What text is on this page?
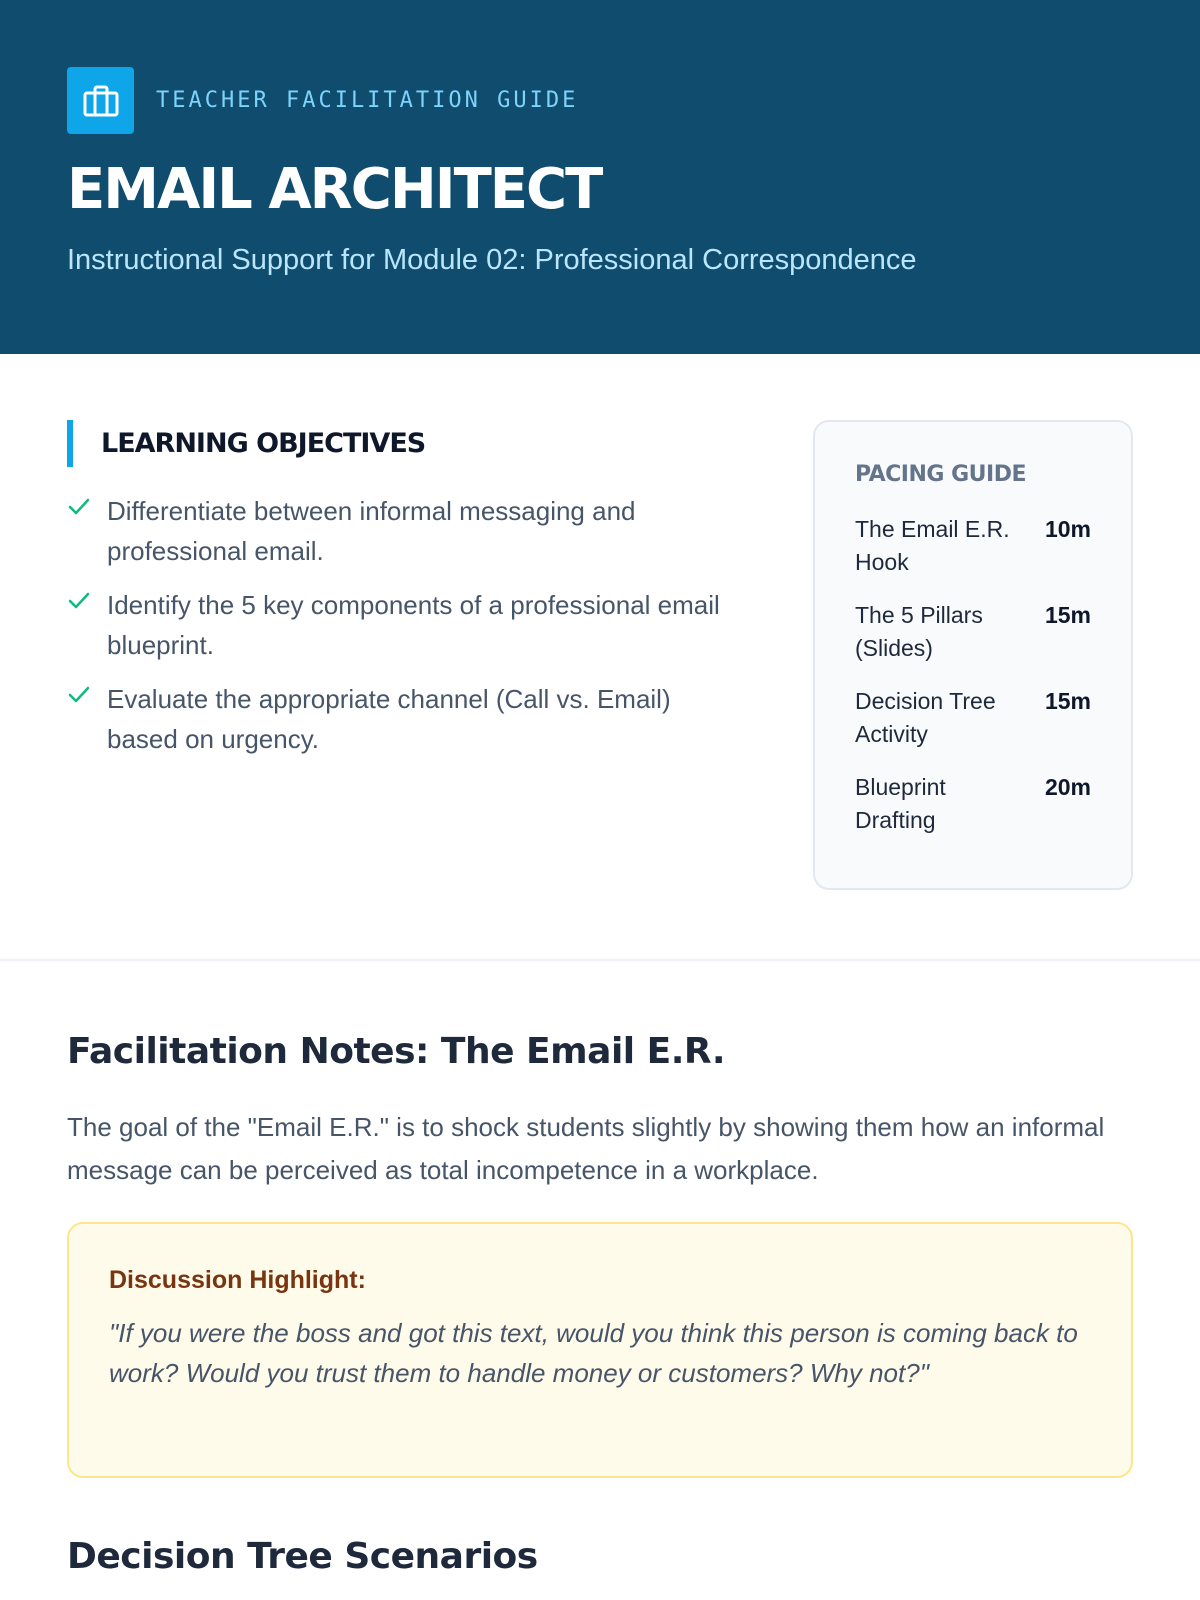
TEACHER FACILITATION GUIDE
EMAIL ARCHITECT

Instructional Support for Module 02: Professional Correspondence

LEARNING OBJECTIVES
Differentiate between informal messaging and professional email.
Identify the 5 key components of a professional email blueprint.
Evaluate the appropriate channel (Call vs. Email) based on urgency.
PACING GUIDE
The Email E.R. Hook
10m
The 5 Pillars (Slides)
15m
Decision Tree Activity
15m
Blueprint Drafting
20m
Facilitation Notes: The Email E.R.

The goal of the "Email E.R." is to shock students slightly by showing them how an informal message can be perceived as total incompetence in a workplace.

Discussion Highlight:

"If you were the boss and got this text, would you think this person is coming back to work? Would you trust them to handle money or customers? Why not?"

Decision Tree Scenarios
